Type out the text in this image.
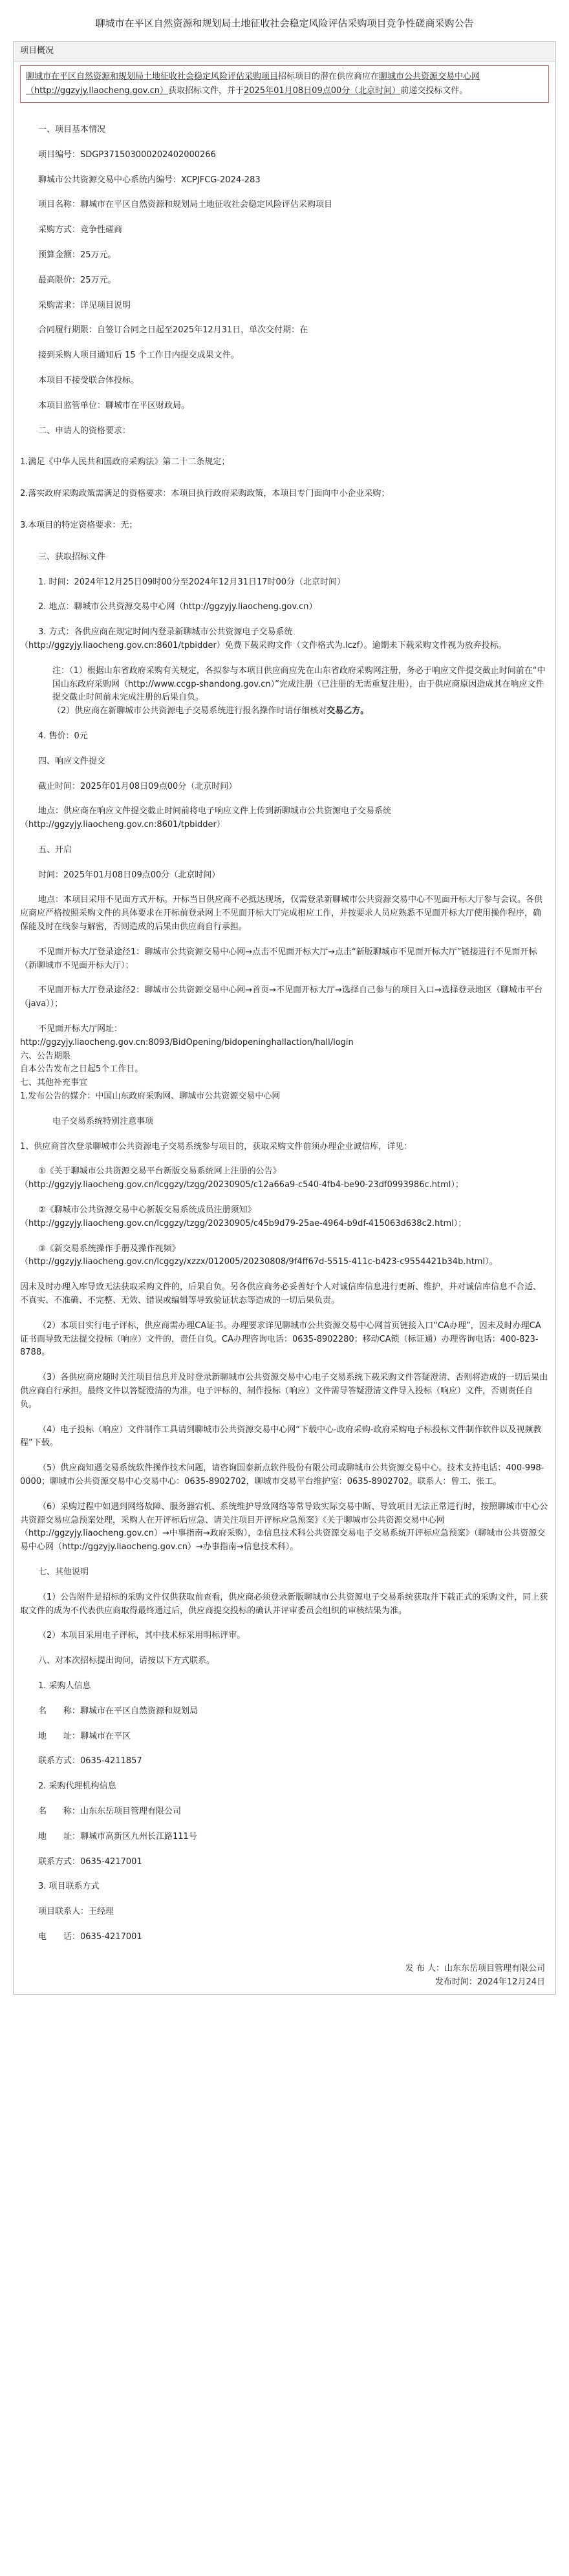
聊城市在平区自然资源和规划局土地征收社会稳定风险评估采购项目竞争性磋商采购公告
项目概况

聊城市在平区自然资源和规划局土地征收社会稳定风险评估采购项目招标项目的潜在供应商应在聊城市公共资源交易中心网（http://ggzyjy.llaocheng.gov.cn）获取招标文件，并于2025年01月08日09点00分（北京时间）前递交投标文件。

一、项目基本情况

项目编号：SDGP371503000202402000266

聊城市公共资源交易中心系统内编号：XCPJFCG-2024-283

项目名称：聊城市在平区自然资源和规划局土地征收社会稳定风险评估采购项目

采购方式：竞争性磋商

预算金额：25万元。

最高限价：25万元。

采购需求：详见项目说明

合同履行期限：自签订合同之日起至2025年12月31日，单次交付期：在

接到采购人项目通知后 15 个工作日内提交成果文件。

本项目不接受联合体投标。

本项目监管单位：聊城市在平区财政局。

二、申请人的资格要求：

1.满足《中华人民共和国政府采购法》第二十二条规定；

2.落实政府采购政策需满足的资格要求：本项目执行政府采购政策，本项目专门面向中小企业采购；

3.本项目的特定资格要求：无；

三、获取招标文件

1. 时间：2024年12月25日09时00分至2024年12月31日17时00分（北京时间）

2. 地点：聊城市公共资源交易中心网（http://ggzyjy.liaocheng.gov.cn）

3. 方式：各供应商在规定时间内登录新聊城市公共资源电子交易系统

（http://ggzyjy.liaocheng.gov.cn:8601/tpbidder）免费下载采购文件（文件格式为.lczf）。逾期未下载采购文件视为放弃投标。

注：（1）根据山东省政府采购有关规定，各拟参与本项目供应商应先在山东省政府采购网注册，务必于响应文件提交截止时间前在“中国山东政府采购网（http://www.ccgp-shandong.gov.cn）”完成注册（已注册的无需重复注册），由于供应商原因造成其在响应文件提交截止时间前未完成注册的后果自负。

（2）供应商在新聊城市公共资源电子交易系统进行报名操作时请仔细核对交易乙方。

4. 售价：0元

四、响应文件提交

截止时间：2025年01月08日09点00分（北京时间）

地点：供应商在响应文件提交截止时间前将电子响应文件上传到新聊城市公共资源电子交易系统（http://ggzyjy.liaocheng.gov.cn:8601/tpbidder）

五、开启

时间：2025年01月08日09点00分（北京时间）

地点：本项目采用不见面方式开标。开标当日供应商不必抵达现场，仅需登录新聊城市公共资源交易中心不见面开标大厅参与会议。各供应商应严格按照采购文件的具体要求在开标前登录网上不见面开标大厅完成相应工作，并按要求人员应熟悉不见面开标大厅使用操作程序，确保能及时在线参与解密，否则造成的后果由供应商自行承担。

不见面开标大厅登录途径1：聊城市公共资源交易中心网→点击不见面开标大厅→点击“新版聊城市不见面开标大厅”链接进行不见面开标（新聊城市不见面开标大厅）；

不见面开标大厅登录途径2：聊城市公共资源交易中心网→首页→不见面开标大厅→选择自己参与的项目入口→选择登录地区（聊城市平台（java））；

不见面开标大厅网址：

http://ggzyjy.liaocheng.gov.cn:8093/BidOpening/bidopeninghallaction/hall/login

六、公告期限

自本公告发布之日起5个工作日。

七、其他补充事宜

1.发布公告的媒介：中国山东政府采购网、聊城市公共资源交易中心网

电子交易系统特别注意事项

1、供应商首次登录聊城市公共资源电子交易系统参与项目的，获取采购文件前须办理企业诚信库，详见：

①《关于聊城市公共资源交易平台新版交易系统网上注册的公告》

（http://ggzyjy.liaocheng.gov.cn/lcggzy/tzgg/20230905/c12a66a9-c540-4fb4-be90-23df0993986c.html）；

②《聊城市公共资源交易中心新版交易系统成员注册须知》

（http://ggzyjy.liaocheng.gov.cn/lcggzy/tzgg/20230905/c45b9d79-25ae-4964-b9df-415063d638c2.html）；

③《新交易系统操作手册及操作视频》

（http://ggzyjy.liaocheng.gov.cn/lcggzy/xzzx/012005/20230808/9f4ff67d-5515-411c-b423-c9554421b34b.html）。

因未及时办理入库导致无法获取采购文件的，后果自负。另各供应商务必妥善好个人对诚信库信息进行更新、维护，并对诚信库信息不合适、不真实、不准确、不完整、无效、错误或编辑等导致验证状态等造成的一切后果负责。

（2）本项目实行电子评标，供应商需办理CA证书。办理要求详见聊城市公共资源交易中心网首页链接入口“CA办理”，因未及时办理CA证书而导致无法提交投标（响应）文件的，责任自负。CA办理咨询电话：0635-8902280；移动CA锁（标证通）办理咨询电话：400-823-8788。

（3）各供应商应随时关注项目信息并及时登录新聊城市公共资源交易中心电子交易系统下载采购文件答疑澄清、否则将造成的一切后果由供应商自行承担。最终文件以答疑澄清的为准。电子评标的，制作投标（响应）文件需导答疑澄清文件导入投标（响应）文件，否则责任自负。

（4）电子投标（响应）文件制作工具请到聊城市公共资源交易中心网“下载中心-政府采购-政府采购电子标投标文件制作软件以及视频教程”下载。

（5）供应商知遇交易系统软件操作技术问题，请咨询国泰新点软件股份有限公司或聊城市公共资源交易中心。技术支持电话：400-998-0000；聊城市公共资源交易中心交易中心：0635-8902702，聊城市交易平台维护室：0635-8902702。联系人：曾工、张工。

（6）采购过程中如遇到网络故障、服务器宕机、系统维护导致网络等常导致实际交易中断、导致项目无法正常进行时，按照聊城市中心公共资源交易应急预案处理，采购人在开评标后应急、请关注项目开评标应急预案》《关于聊城市公共资源交易中心网（http://ggzyjy.liaocheng.gov.cn）→中事指南→政府采购），②信息技术科公共资源交易电子交易系统开评标应急预案》（聊城市公共资源交易中心网（http://ggzyjy.liaocheng.gov.cn）→办事指南→信息技术科）。

七、其他说明

（1）公告附件是招标的采购文件仅供获取前查看，供应商必须登录新版聊城市公共资源电子交易系统获取并下载正式的采购文件，同上获取文件的成为不代表供应商取得最终通过后，供应商提交投标的确认并评审委员会组织的审核结果为准。

（2）本项目采用电子评标，其中技术标采用明标评审。

八、对本次招标提出询问，请按以下方式联系。

1. 采购人信息

名　　称：聊城市在平区自然资源和规划局

地　　址：聊城市在平区

联系方式：0635-4211857

2. 采购代理机构信息

名　　称：山东东岳项目管理有限公司

地　　址：聊城市高新区九州长江路111号

联系方式：0635-4217001

3. 项目联系方式

项目联系人：王经理

电　　话：0635-4217001

发 布 人：山东东岳项目管理有限公司

发布时间：2024年12月24日
